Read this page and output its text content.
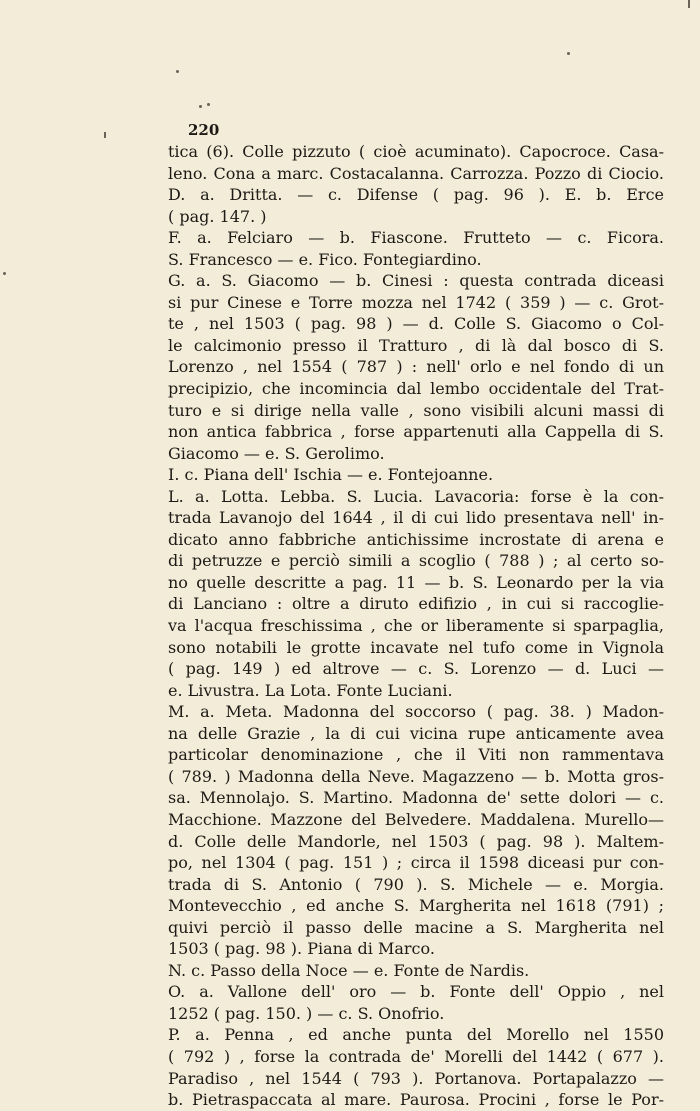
220
tica (6). Colle pizzuto ( cioè acuminato). Capocroce. Casa-
leno. Cona a marc. Costacalanna. Carrozza. Pozzo di Ciocio.
D. a. Dritta. — c. Difense ( pag. 96 ). E. b. Erce
( pag. 147. )
F. a. Felciaro — b. Fiascone. Frutteto — c. Ficora.
S. Francesco — e. Fico. Fontegiardino.
G. a. S. Giacomo — b. Cinesi : questa contrada diceasi
si pur Cinese e Torre mozza nel 1742 ( 359 ) — c. Grot-
te , nel 1503 ( pag. 98 ) — d. Colle S. Giacomo o Col-
le calcimonio presso il Tratturo , di là dal bosco di S.
Lorenzo , nel 1554 ( 787 ) : nell' orlo e nel fondo di un
precipizio, che incomincia dal lembo occidentale del Trat-
turo e si dirige nella valle , sono visibili alcuni massi di
non antica fabbrica , forse appartenuti alla Cappella di S.
Giacomo — e. S. Gerolimo.
I. c. Piana dell' Ischia — e. Fontejoanne.
L. a. Lotta. Lebba. S. Lucia. Lavacoria: forse è la con-
trada Lavanojo del 1644 , il di cui lido presentava nell' in-
dicato anno fabbriche antichissime incrostate di arena e
di petruzze e perciò simili a scoglio ( 788 ) ; al certo so-
no quelle descritte a pag. 11 — b. S. Leonardo per la via
di Lanciano : oltre a diruto edifizio , in cui si raccoglie-
va l'acqua freschissima , che or liberamente si sparpaglia,
sono notabili le grotte incavate nel tufo come in Vignola
( pag. 149 ) ed altrove — c. S. Lorenzo — d. Luci —
e. Livustra. La Lota. Fonte Luciani.
M. a. Meta. Madonna del soccorso ( pag. 38. ) Madon-
na delle Grazie , la di cui vicina rupe anticamente avea
particolar denominazione , che il Viti non rammentava
( 789. ) Madonna della Neve. Magazzeno — b. Motta gros-
sa. Mennolajo. S. Martino. Madonna de' sette dolori — c.
Macchione. Mazzone del Belvedere. Maddalena. Murello—
d. Colle delle Mandorle, nel 1503 ( pag. 98 ). Maltem-
po, nel 1304 ( pag. 151 ) ; circa il 1598 diceasi pur con-
trada di S. Antonio ( 790 ). S. Michele — e. Morgia.
Montevecchio , ed anche S. Margherita nel 1618 (791) ;
quivi perciò il passo delle macine a S. Margherita nel
1503 ( pag. 98 ). Piana di Marco.
N. c. Passo della Noce — e. Fonte de Nardis.
O. a. Vallone dell' oro — b. Fonte dell' Oppio , nel
1252 ( pag. 150. ) — c. S. Onofrio.
P. a. Penna , ed anche punta del Morello nel 1550
( 792 ) , forse la contrada de' Morelli del 1442 ( 677 ).
Paradiso , nel 1544 ( 793 ). Portanova. Portapalazzo —
b. Pietraspaccata al mare. Paurosa. Procini , forse le Por-
